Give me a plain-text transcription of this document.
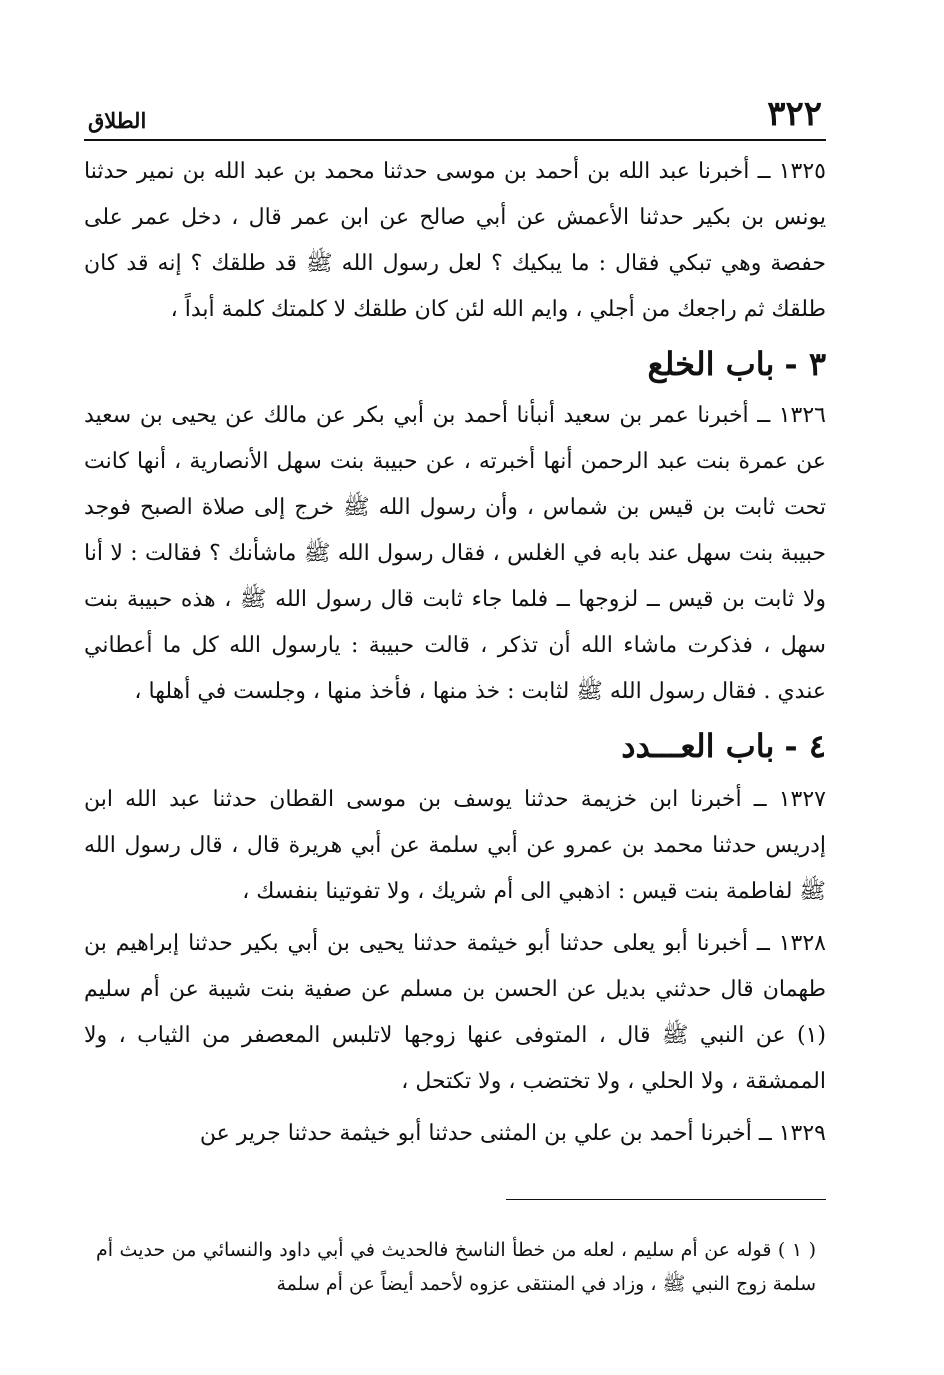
٣٢٢
الطلاق

١٣٢٥ ــ أخبرنا عبد الله بن أحمد بن موسى حدثنا محمد بن عبد الله بن نمير حدثنا يونس بن بكير حدثنا الأعمش عن أبي صالح عن ابن عمر قال ، دخل عمر على حفصة وهي تبكي فقال : ما يبكيك ؟ لعل رسول الله ﷺ قد طلقك ؟ إنه قد كان طلقك ثم راجعك من أجلي ، وايم الله لئن كان طلقك لا كلمتك كلمة أبداً ،

٣ -باب الخلع

١٣٢٦ ــ أخبرنا عمر بن سعيد أنبأنا أحمد بن أبي بكر عن مالك عن يحيى بن سعيد عن عمرة بنت عبد الرحمن أنها أخبرته ، عن حبيبة بنت سهل الأنصارية ، أنها كانت تحت ثابت بن قيس بن شماس ، وأن رسول الله ﷺ خرج إلى صلاة الصبح فوجد حبيبة بنت سهل عند بابه في الغلس ، فقال رسول الله ﷺ ماشأنك ؟ فقالت : لا أنا ولا ثابت بن قيس ــ لزوجها ــ فلما جاء ثابت قال رسول الله ﷺ ، هذه حبيبة بنت سهل ، فذكرت ماشاء الله أن تذكر ، قالت حبيبة : يارسول الله كل ما أعطاني عندي . فقال رسول الله ﷺ لثابت : خذ منها ، فأخذ منها ، وجلست في أهلها ،

٤ -باب العـــدد

١٣٢٧ ــ أخبرنا ابن خزيمة حدثنا يوسف بن موسى القطان حدثنا عبد الله ابن إدريس حدثنا محمد بن عمرو عن أبي سلمة عن أبي هريرة قال ، قال رسول الله ﷺ لفاطمة بنت قيس : اذهبي الى أم شريك ، ولا تفوتينا بنفسك ،

١٣٢٨ ــ أخبرنا أبو يعلى حدثنا أبو خيثمة حدثنا يحيى بن أبي بكير حدثنا إبراهيم بن طهمان قال حدثني بديل عن الحسن بن مسلم عن صفية بنت شيبة عن أم سليم (١) عن النبي ﷺ قال ، المتوفى عنها زوجها لاتلبس المعصفر من الثياب ، ولا الممشقة ، ولا الحلي ، ولا تختضب ، ولا تكتحل ،

١٣٢٩ ــ أخبرنا أحمد بن علي بن المثنى حدثنا أبو خيثمة حدثنا جرير عن

( ١ ) قوله عن أم سليم ، لعله من خطأ الناسخ فالحديث في أبي داود والنسائي من حديث أم سلمة زوج النبي ﷺ ، وزاد في المنتقى عزوه لأحمد أيضاً عن أم سلمة
